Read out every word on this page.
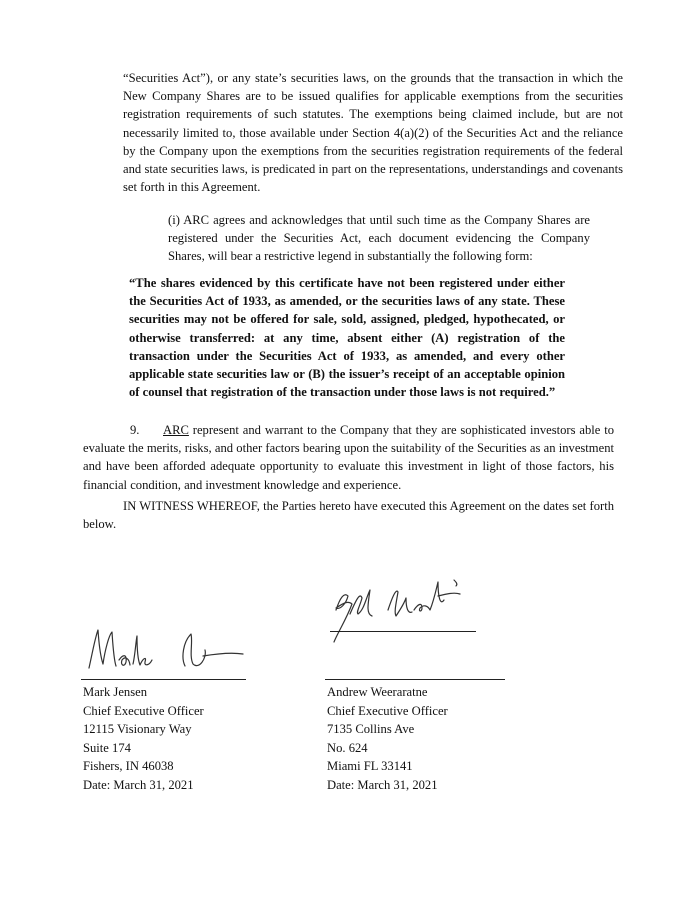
“Securities Act”), or any state’s securities laws, on the grounds that the transaction in which the New Company Shares are to be issued qualifies for applicable exemptions from the securities registration requirements of such statutes. The exemptions being claimed include, but are not necessarily limited to, those available under Section 4(a)(2) of the Securities Act and the reliance by the Company upon the exemptions from the securities registration requirements of the federal and state securities laws, is predicated in part on the representations, understandings and covenants set forth in this Agreement.

(i) ARC agrees and acknowledges that until such time as the Company Shares are registered under the Securities Act, each document evidencing the Company Shares, will bear a restrictive legend in substantially the following form:

“The shares evidenced by this certificate have not been registered under either the Securities Act of 1933, as amended, or the securities laws of any state. These securities may not be offered for sale, sold, assigned, pledged, hypothecated, or otherwise transferred: at any time, absent either (A) registration of the transaction under the Securities Act of 1933, as amended, and every other applicable state securities law or (B) the issuer’s receipt of an acceptable opinion of counsel that registration of the transaction under those laws is not required.”

9. ARC represent and warrant to the Company that they are sophisticated investors able to evaluate the merits, risks, and other factors bearing upon the suitability of the Securities as an investment and have been afforded adequate opportunity to evaluate this investment in light of those factors, his financial condition, and investment knowledge and experience.

IN WITNESS WHEREOF, the Parties hereto have executed this Agreement on the dates set forth below.

Mark Jensen
Chief Executive Officer
12115 Visionary Way
Suite 174
Fishers, IN 46038
Date: March 31, 2021
Andrew Weeraratne
Chief Executive Officer
7135 Collins Ave
No. 624
Miami FL 33141
Date: March 31, 2021
